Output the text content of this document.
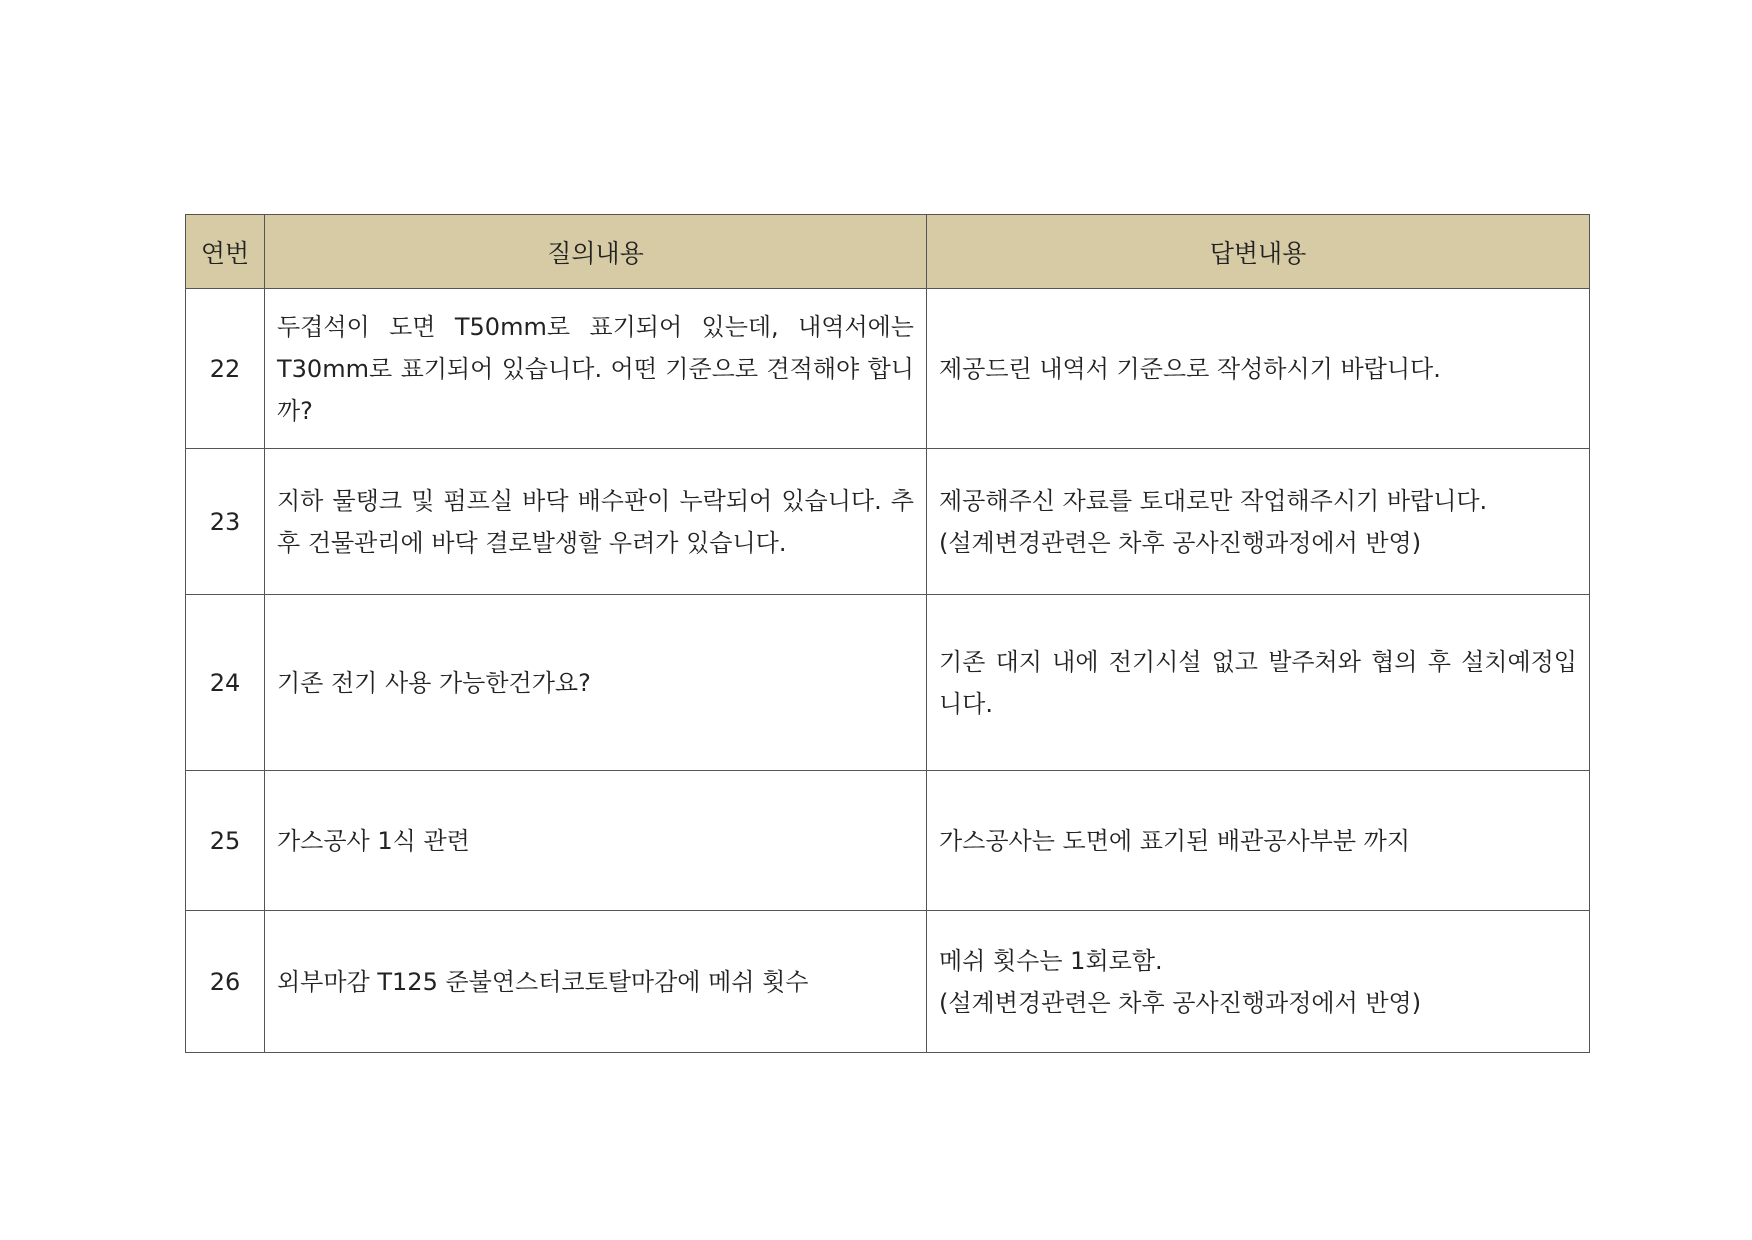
연번	질의내용	답변내용
22	두겹석이 도면 T50mm로 표기되어 있는데, 내역서에는 T30mm로 표기되어 있습니다. 어떤 기준으로 견적해야 합니까?	제공드린 내역서 기준으로 작성하시기 바랍니다.

23	지하 물탱크 및 펌프실 바닥 배수판이 누락되어 있습니다. 추후 건물관리에 바닥 결로발생할 우려가 있습니다.	제공해주신 자료를 토대로만 작업해주시기 바랍니다.
(설계변경관련은 차후 공사진행과정에서 반영)

24	기존 전기 사용 가능한건가요?	기존 대지 내에 전기시설 없고 발주처와 협의 후 설치예정입니다.
25	가스공사 1식 관련	가스공사는 도면에 표기된 배관공사부분 까지

26	외부마감 T125 준불연스터코토탈마감에 메쉬 횟수	메쉬 횟수는 1회로함.
(설계변경관련은 차후 공사진행과정에서 반영)
